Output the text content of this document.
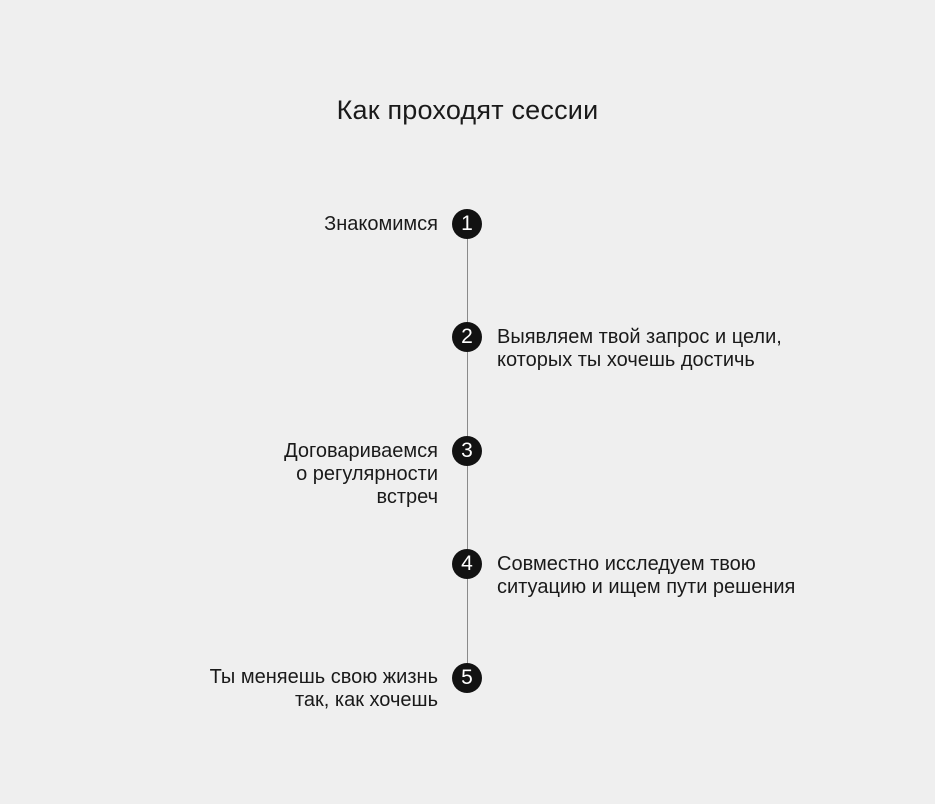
Как проходят сессии
1
Знакомимся
2	Выявляем твой запрос и цели,
которых ты хочешь достичь
3
Договариваемся
о регулярности
встреч
4	Совместно исследуем твою
ситуацию и ищем пути решения
5
Ты меняешь свою жизнь
так, как хочешь
